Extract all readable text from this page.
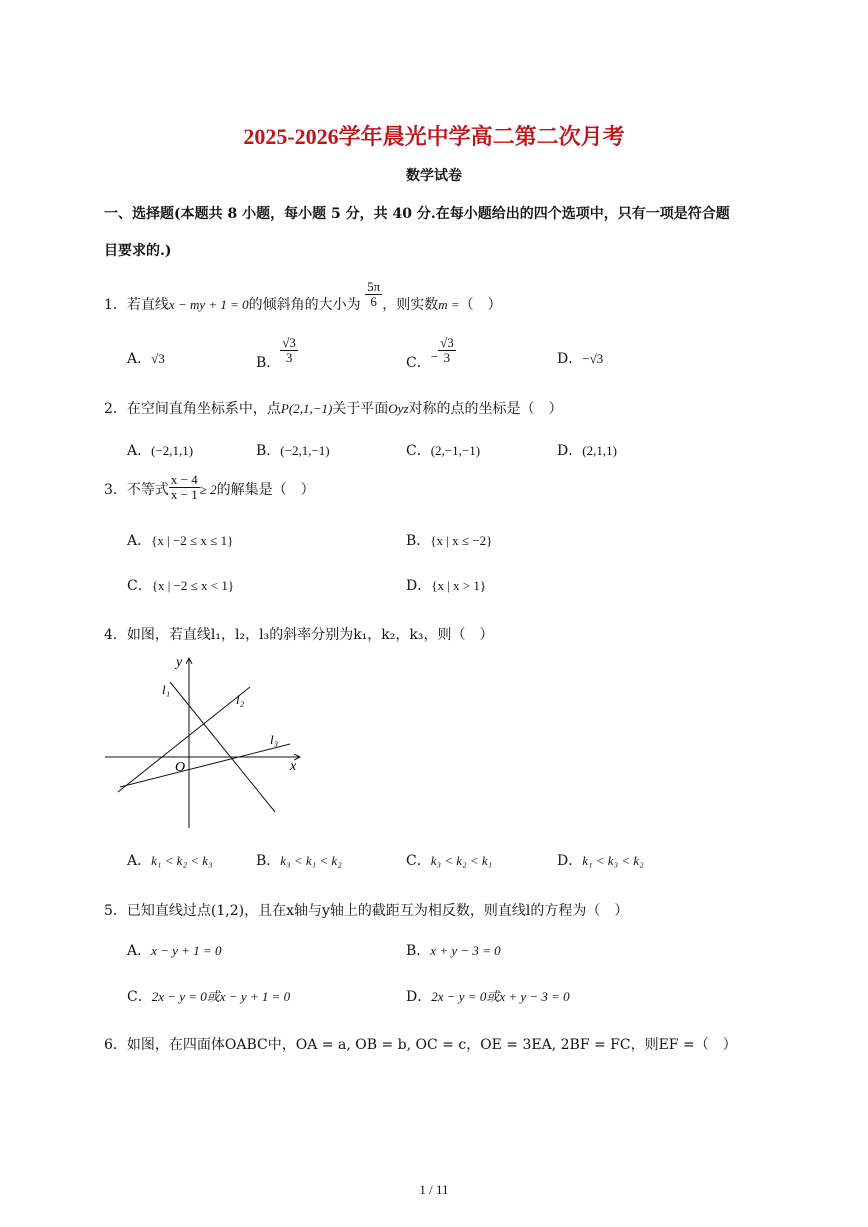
2025-2026学年晨光中学高二第二次月考
数学试卷
一、选择题(本题共 8 小题，每小题 5 分，共 40 分.在每小题给出的四个选项中，只有一项是符合题
目要求的.)
1．若直线x − my + 1 = 0的倾斜角的大小为 $\frac{5\pi}{6}$ ，则实数m =（　）
A．√3	B． $\frac{√3}{3}$	C．− $\frac{√3}{3}$	D．−√3
2．在空间直角坐标系中，点P(2,1,−1)关于平面Oyz对称的点的坐标是（　）
A．(−2,1,1)	B．(−2,1,−1)	C．(2,−1,−1)	D．(2,1,1)
3．不等式 $\frac{x - 4}{x - 1} \ge 2$的解集是（　）
A．{x | −2 ≤ x ≤ 1}	B．{x | x ≤ −2}
C．{x | −2 ≤ x < 1}	D．{x | x > 1}
4．如图，若直线l₁，l₂，l₃的斜率分别为k₁，k₂，k₃，则（　）
y
x
O
l₁
l₂
l₃
A．k₁ < k₂ < k₃	B．k₃ < k₁ < k₂	C．k₃ < k₂ < k₁	D．k₁ < k₃ < k₂
5．已知直线过点(1,2)，且在x轴与y轴上的截距互为相反数，则直线l的方程为（　）
A．x − y + 1 = 0	B．x + y − 3 = 0
C．2x − y = 0或x − y + 1 = 0	D．2x − y = 0或x + y − 3 = 0
6．如图，在四面体OABC中，OA = a, OB = b, OC = c，OE = 3EA, 2BF = FC，则EF =（　）
1 / 11
